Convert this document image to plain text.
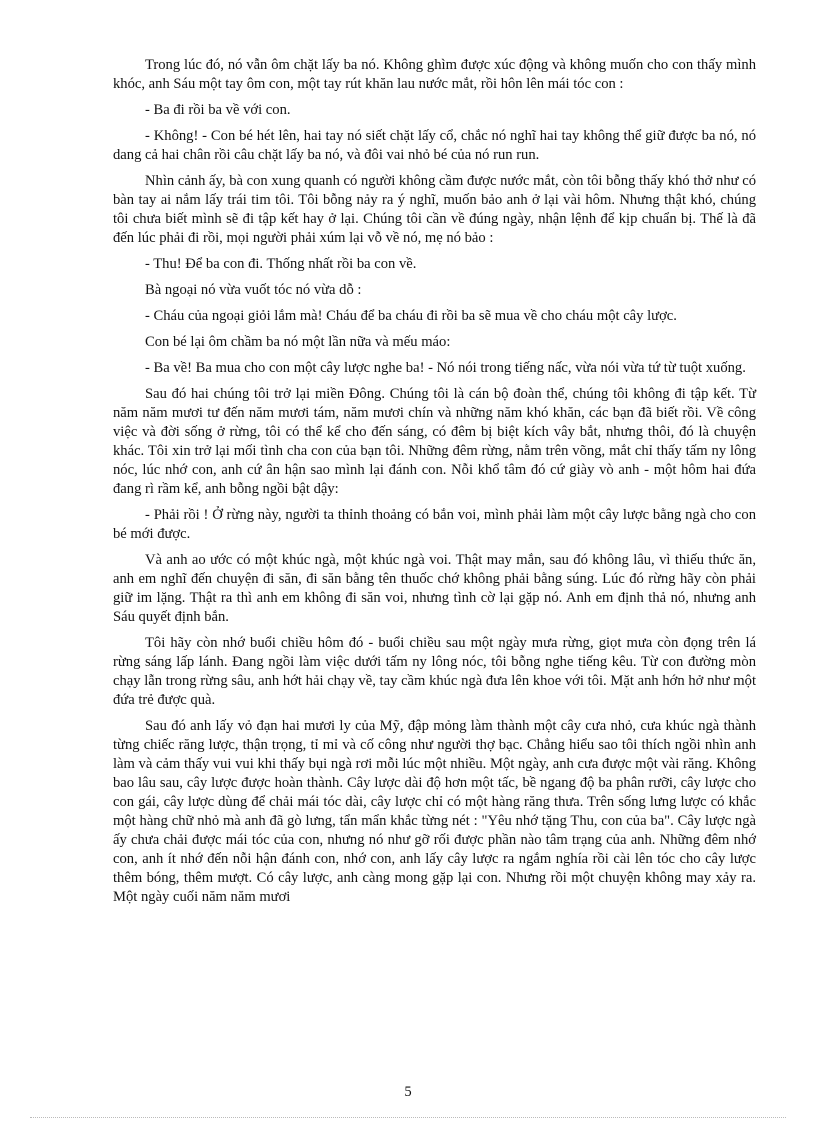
Trong lúc đó, nó vẫn ôm chặt lấy ba nó. Không ghìm được xúc động và không muốn cho con thấy mình khóc, anh Sáu một tay ôm con, một tay rút khăn lau nước mắt, rồi hôn lên mái tóc con :

- Ba đi rồi ba về với con.

- Không! - Con bé hét lên, hai tay nó siết chặt lấy cổ, chắc nó nghĩ hai tay không thể giữ được ba nó, nó dang cả hai chân rồi câu chặt lấy ba nó, và đôi vai nhỏ bé của nó run run.

Nhìn cảnh ấy, bà con xung quanh có người không cầm được nước mắt, còn tôi bỗng thấy khó thở như có bàn tay ai nắm lấy trái tim tôi. Tôi bỗng nảy ra ý nghĩ, muốn bảo anh ở lại vài hôm. Nhưng thật khó, chúng tôi chưa biết mình sẽ đi tập kết hay ở lại. Chúng tôi cần về đúng ngày, nhận lệnh để kịp chuẩn bị. Thế là đã đến lúc phải đi rồi, mọi người phải xúm lại vỗ về nó, mẹ nó bảo :

- Thu! Để ba con đi. Thống nhất rồi ba con về.

Bà ngoại nó vừa vuốt tóc nó vừa dỗ :

- Cháu của ngoại giỏi lắm mà! Cháu để ba cháu đi rồi ba sẽ mua về cho cháu một cây lược.

Con bé lại ôm chầm ba nó một lần nữa và mếu máo:

- Ba về! Ba mua cho con một cây lược nghe ba! - Nó nói trong tiếng nấc, vừa nói vừa tứ từ tuột xuống.

Sau đó hai chúng tôi trở lại miền Đông. Chúng tôi là cán bộ đoàn thể, chúng tôi không đi tập kết. Từ năm năm mươi tư đến năm mươi tám, năm mươi chín và những năm khó khăn, các bạn đã biết rồi. Về công việc và đời sống ở rừng, tôi có thể kể cho đến sáng, có đêm bị biệt kích vây bắt, nhưng thôi, đó là chuyện khác. Tôi xin trở lại mối tình cha con của bạn tôi. Những đêm rừng, nằm trên võng, mắt chỉ thấy tấm ny lông nóc, lúc nhớ con, anh cứ ân hận sao mình lại đánh con. Nỗi khổ tâm đó cứ giày vò anh - một hôm hai đứa đang rì rầm kể, anh bỗng ngồi bật dậy:

- Phải rồi ! Ở rừng này, người ta thỉnh thoảng có bắn voi, mình phải làm một cây lược bằng ngà cho con bé mới được.

Và anh ao ước có một khúc ngà, một khúc ngà voi. Thật may mắn, sau đó không lâu, vì thiếu thức ăn, anh em nghĩ đến chuyện đi săn, đi săn bằng tên thuốc chớ không phải bằng súng. Lúc đó rừng hãy còn phải giữ im lặng. Thật ra thì anh em không đi săn voi, nhưng tình cờ lại gặp nó. Anh em định thả nó, nhưng anh Sáu quyết định bắn.

Tôi hãy còn nhớ buổi chiều hôm đó - buổi chiều sau một ngày mưa rừng, giọt mưa còn đọng trên lá rừng sáng lấp lánh. Đang ngồi làm việc dưới tấm ny lông nóc, tôi bỗng nghe tiếng kêu. Từ con đường mòn chạy lẫn trong rừng sâu, anh hớt hải chạy về, tay cầm khúc ngà đưa lên khoe với tôi. Mặt anh hớn hở như một đứa trẻ được quà.

Sau đó anh lấy vỏ đạn hai mươi ly của Mỹ, đập mỏng làm thành một cây cưa nhỏ, cưa khúc ngà thành từng chiếc răng lược, thận trọng, tỉ mỉ và cố công như người thợ bạc. Chẳng hiểu sao tôi thích ngồi nhìn anh làm và cảm thấy vui vui khi thấy bụi ngà rơi mỗi lúc một nhiều. Một ngày, anh cưa được một vài răng. Không bao lâu sau, cây lược được hoàn thành. Cây lược dài độ hơn một tấc, bề ngang độ ba phân rưỡi, cây lược cho con gái, cây lược dùng để chải mái tóc dài, cây lược chỉ có một hàng răng thưa. Trên sống lưng lược có khắc một hàng chữ nhỏ mà anh đã gò lưng, tẩn mẩn khắc từng nét : "Yêu nhớ tặng Thu, con của ba". Cây lược ngà ấy chưa chải được mái tóc của con, nhưng nó như gỡ rối được phần nào tâm trạng của anh. Những đêm nhớ con, anh ít nhớ đến nỗi hận đánh con, nhớ con, anh lấy cây lược ra ngắm nghía rồi cài lên tóc cho cây lược thêm bóng, thêm mượt. Có cây lược, anh càng mong gặp lại con. Nhưng rồi một chuyện không may xảy ra. Một ngày cuối năm năm mươi

5
